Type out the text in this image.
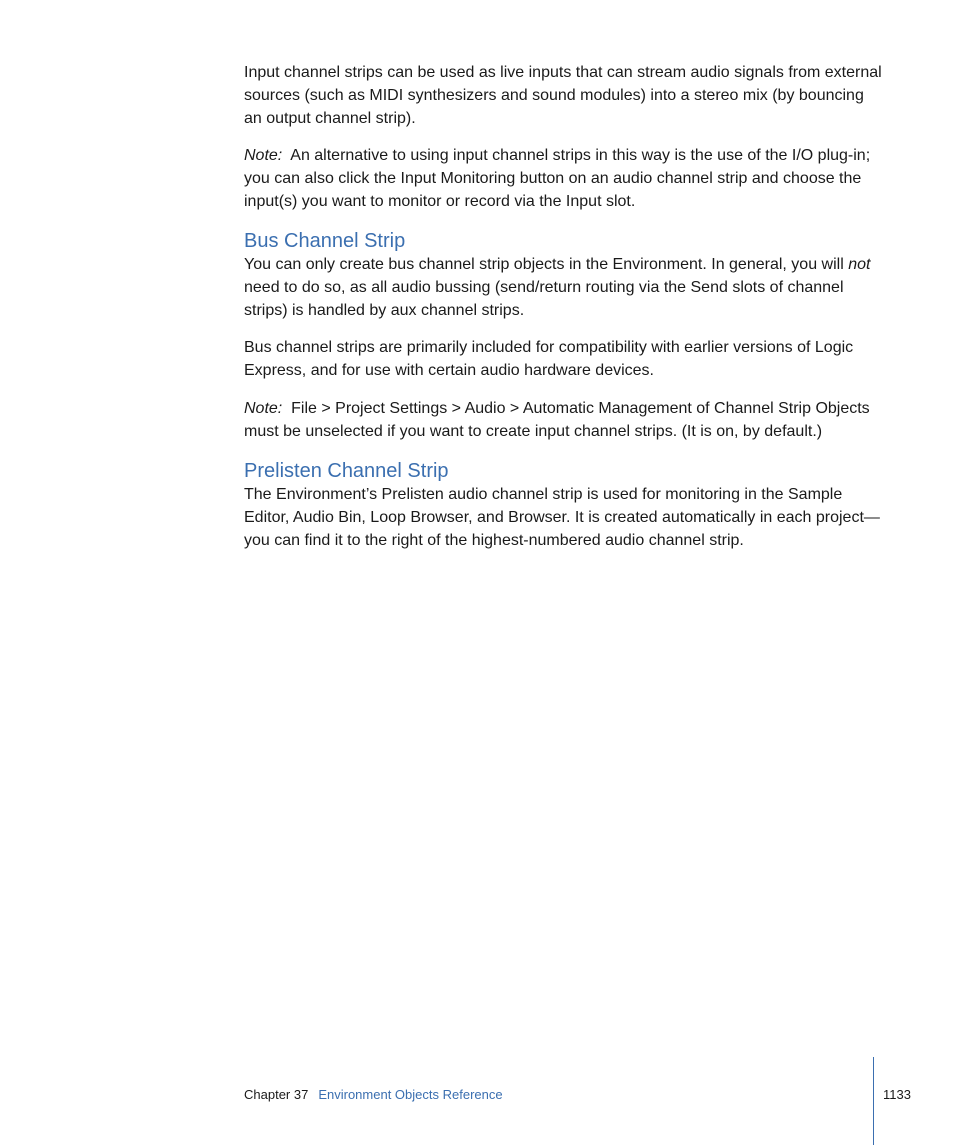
Input channel strips can be used as live inputs that can stream audio signals from external sources (such as MIDI synthesizers and sound modules) into a stereo mix (by bouncing an output channel strip).

Note: An alternative to using input channel strips in this way is the use of the I/O plug-in; you can also click the Input Monitoring button on an audio channel strip and choose the input(s) you want to monitor or record via the Input slot.

Bus Channel Strip

You can only create bus channel strip objects in the Environment. In general, you will not need to do so, as all audio bussing (send/return routing via the Send slots of channel strips) is handled by aux channel strips.

Bus channel strips are primarily included for compatibility with earlier versions of Logic Express, and for use with certain audio hardware devices.

Note: File > Project Settings > Audio > Automatic Management of Channel Strip Objects must be unselected if you want to create input channel strips. (It is on, by default.)

Prelisten Channel Strip

The Environment’s Prelisten audio channel strip is used for monitoring in the Sample Editor, Audio Bin, Loop Browser, and Browser. It is created automatically in each project—you can find it to the right of the highest-numbered audio channel strip.

Chapter 37 Environment Objects Reference	1133
